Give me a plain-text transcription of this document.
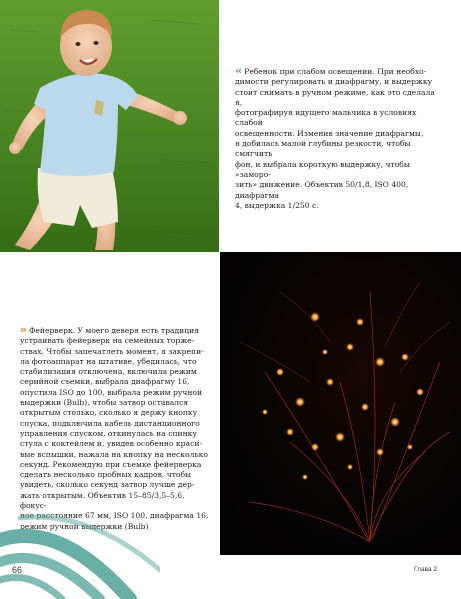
« Ребенок при слабом освещении. При необхо-
димости регулировать и диафрагму, и выдержку
стоит снимать в ручном режиме, как это сделала я,
фотографируя идущего мальчика в условиях слабой
освещенности. Изменив значение диафрагмы,
я добилась малой глубины резкости, чтобы смягчить
фон, и выбрала короткую выдержку, чтобы «заморо-
зить» движение. Объектив 50/1,8, ISO 400, диафрагма
4, выдержка 1/250 с.
» Фейерверк. У моего деверя есть традиция
устраивать фейерверк на семейных торже-
ствах. Чтобы запечатлеть момент, я закрепи-
ла фотоаппарат на штативе, убедилась, что
стабилизация отключена, включила режим
серийной съемки, выбрала диафрагму 16,
опустила ISO до 100, выбрала режим ручной
выдержки (Bulb), чтобы затвор оставался
открытым столько, сколько я держу кнопку
спуска, подключила кабель дистанционного
управления спуском, откинулась на спинку
стула с коктейлем и, увидев особенно краси-
вые вспышки, нажала на кнопку на несколько
секунд. Рекомендую при съемке фейерверка
сделать несколько пробных кадров, чтобы
увидеть, сколько секунд затвор лучше дер-
жать открытым. Объектив 15–85/3,5–5,6, фокус-
ное расстояние 67 мм, ISO 100, диафрагма 16,
режим ручной выдержки (Bulb)
66	Глава 2
